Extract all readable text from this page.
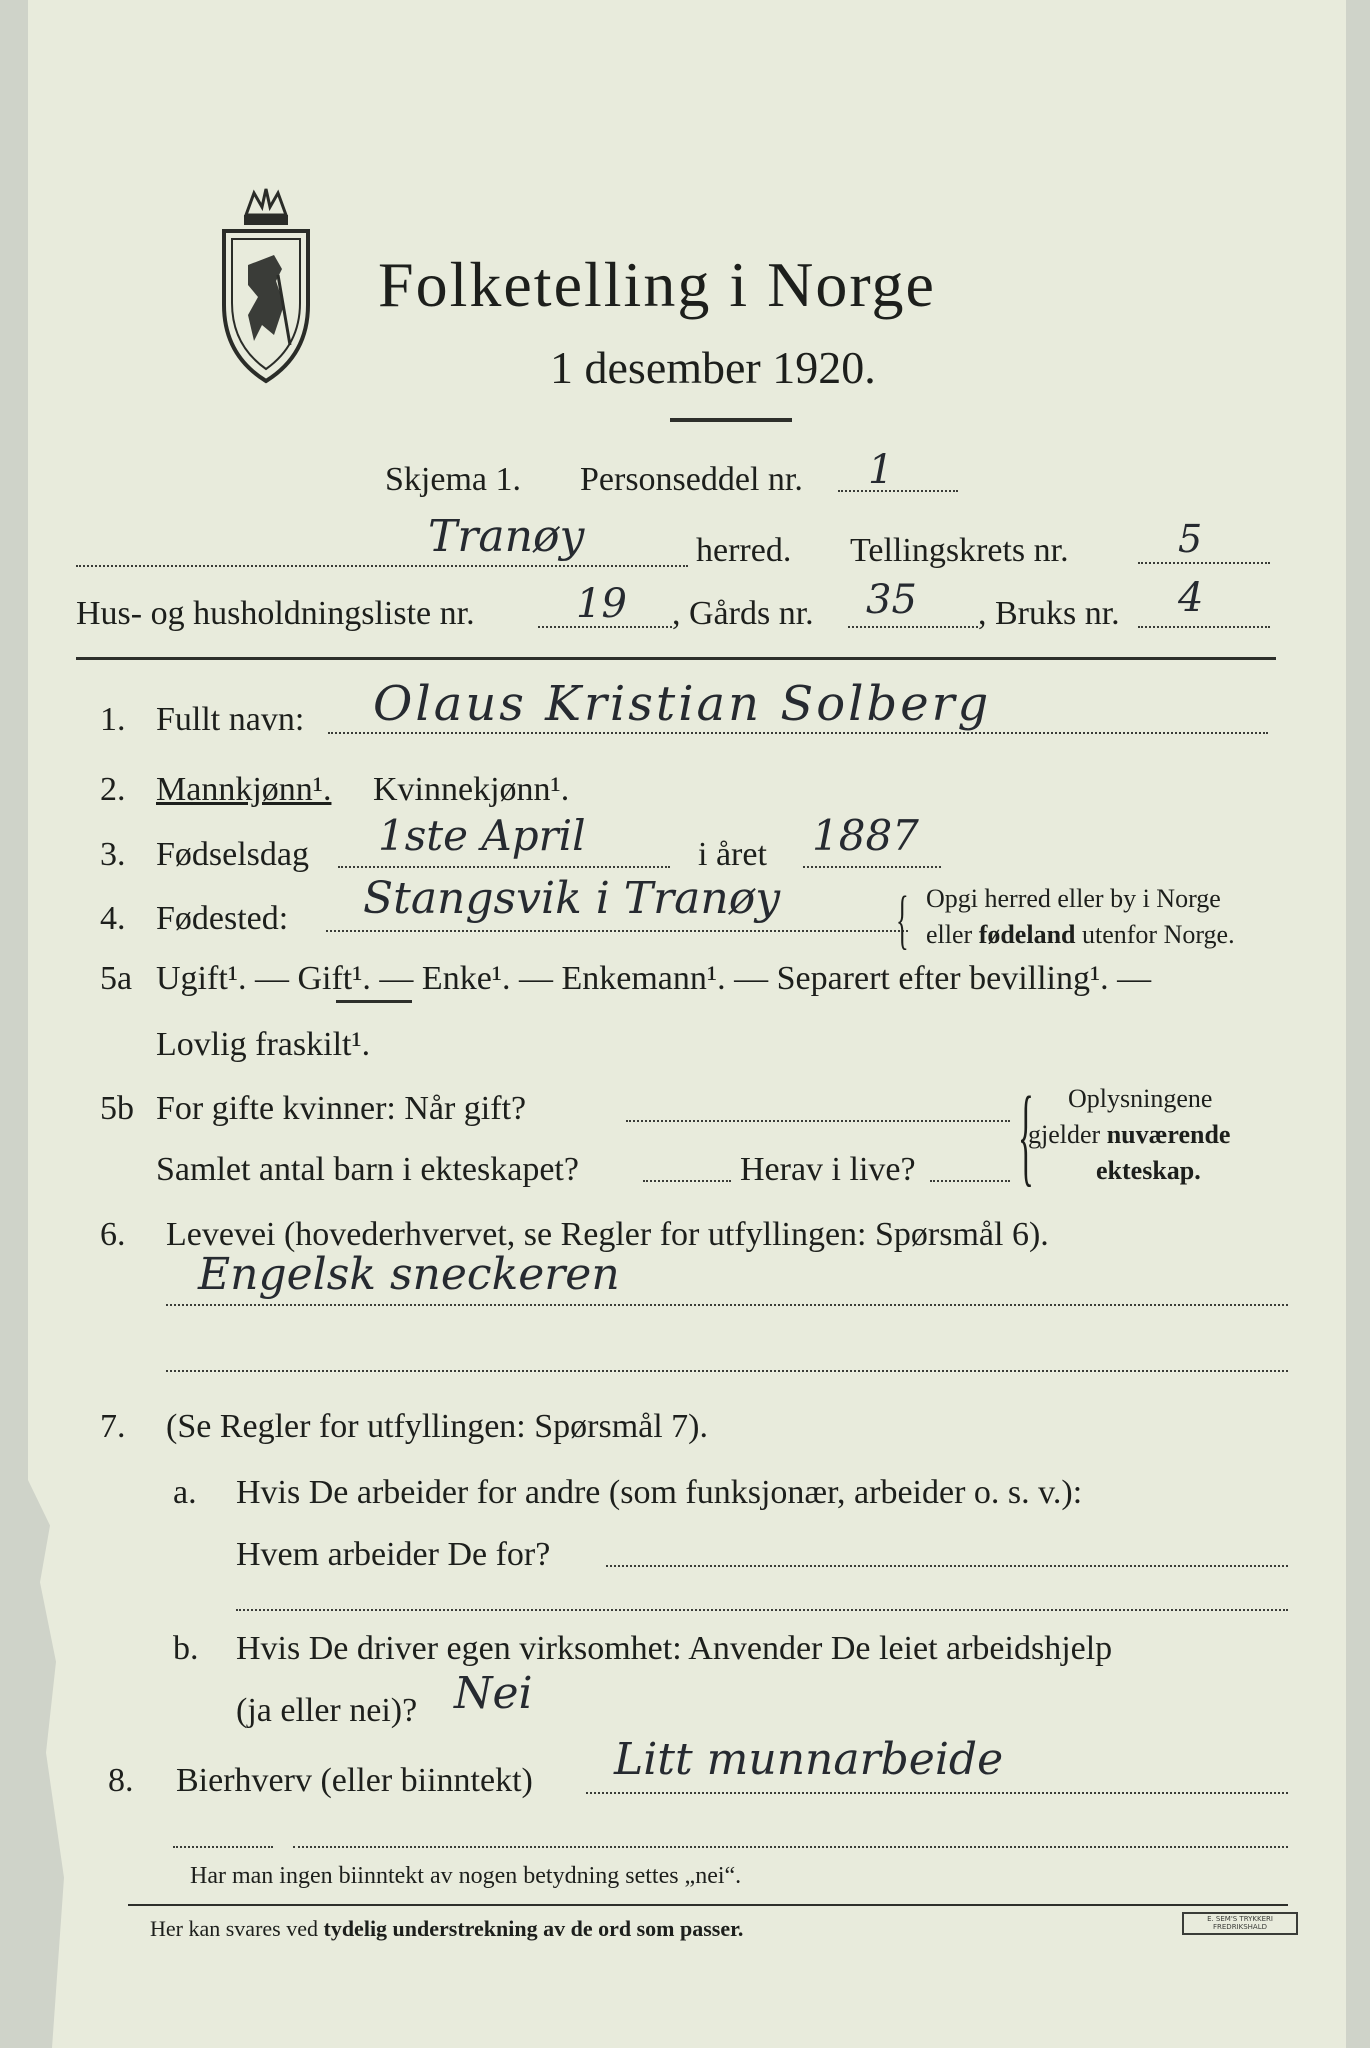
Folketelling i Norge
1 desember 1920.
Skjema 1. Personseddel nr. 1
Tranøy	herred. Tellingskrets nr.	5
Hus- og husholdningsliste nr.	19 , Gårds nr. 35 , Bruks nr. 4
1. Fullt navn: Olaus Kristian Solberg
2. Mannkjønn¹. Kvinnekjønn¹.
3. Fødselsdag 1ste April	i året 1887
4. Fødested: Stangsvik i Tranøy { Opgi herred eller by i Norge
eller fødeland utenfor Norge.
5a Ugift¹. — Gift¹. — Enke¹. — Enkemann¹. — Separert efter bevilling¹. —
Lovlig fraskilt¹.
5b For gifte kvinner: Når gift?
Samlet antal barn i ekteskapet?	Herav i live? { Oplysningene
gjelder nuværende
ekteskap.
6. Levevei (hovederhvervet, se Regler for utfyllingen: Spørsmål 6).
Engelsk sneckeren
7. (Se Regler for utfyllingen: Spørsmål 7).
a. Hvis De arbeider for andre (som funksjonær, arbeider o. s. v.):
Hvem arbeider De for?
b. Hvis De driver egen virksomhet: Anvender De leiet arbeidshjelp
(ja eller nei)? Nei
8. Bierhverv (eller biinntekt) Litt munnarbeide
Har man ingen biinntekt av nogen betydning settes „nei“.
Her kan svares ved tydelig understrekning av de ord som passer.	E. SEM'S TRYKKERI FREDRIKSHALD
